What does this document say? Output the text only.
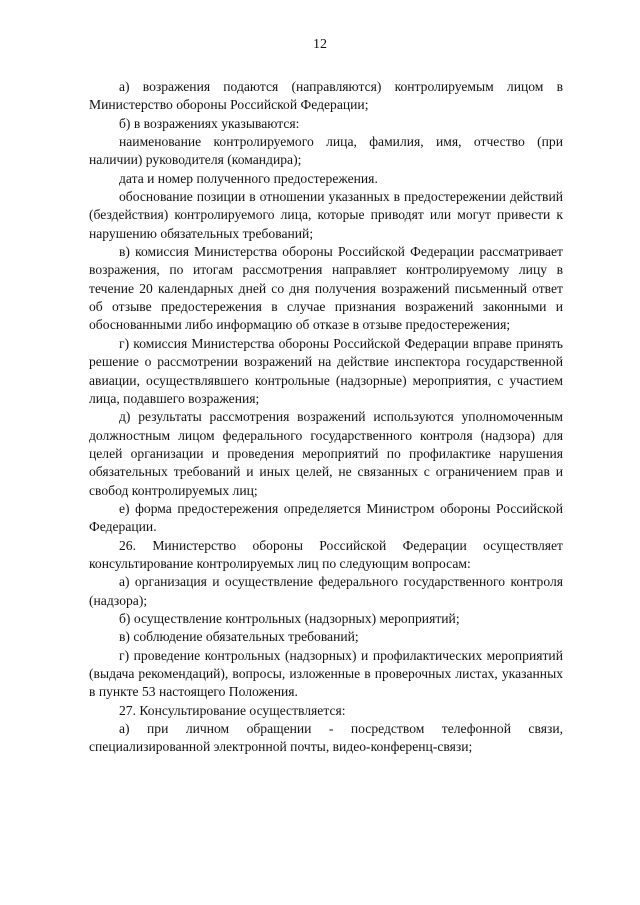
12

а) возражения подаются (направляются) контролируемым лицом в Министерство обороны Российской Федерации;

б) в возражениях указываются:

наименование контролируемого лица, фамилия, имя, отчество (при наличии) руководителя (командира);

дата и номер полученного предостережения.

обоснование позиции в отношении указанных в предостережении действий (бездействия) контролируемого лица, которые приводят или могут привести к нарушению обязательных требований;

в) комиссия Министерства обороны Российской Федерации рассматривает возражения, по итогам рассмотрения направляет контролируемому лицу в течение 20 календарных дней со дня получения возражений письменный ответ об отзыве предостережения в случае признания возражений законными и обоснованными либо информацию об отказе в отзыве предостережения;

г) комиссия Министерства обороны Российской Федерации вправе принять решение о рассмотрении возражений на действие инспектора государственной авиации, осуществлявшего контрольные (надзорные) мероприятия, с участием лица, подавшего возражения;

д) результаты рассмотрения возражений используются уполномоченным должностным лицом федерального государственного контроля (надзора) для целей организации и проведения мероприятий по профилактике нарушения обязательных требований и иных целей, не связанных с ограничением прав и свобод контролируемых лиц;

е) форма предостережения определяется Министром обороны Российской Федерации.

26. Министерство обороны Российской Федерации осуществляет консультирование контролируемых лиц по следующим вопросам:

а) организация и осуществление федерального государственного контроля (надзора);

б) осуществление контрольных (надзорных) мероприятий;

в) соблюдение обязательных требований;

г) проведение контрольных (надзорных) и профилактических мероприятий (выдача рекомендаций), вопросы, изложенные в проверочных листах, указанных в пункте 53 настоящего Положения.

27. Консультирование осуществляется:

а) при личном обращении - посредством телефонной связи, специализированной электронной почты, видео-конференц-связи;
